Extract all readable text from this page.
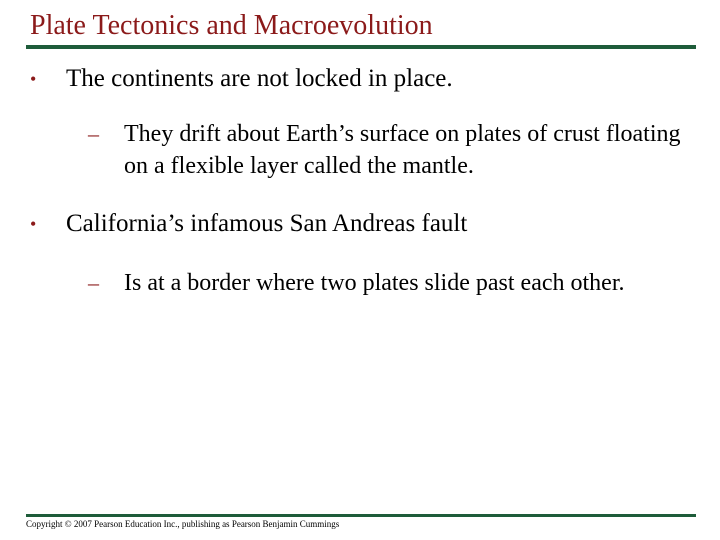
Plate Tectonics and Macroevolution
•	The continents are not locked in place.
–	They drift about Earth’s surface on plates of crust floating on a flexible layer called the mantle.
•	California’s infamous San Andreas fault
–	Is at a border where two plates slide past each other.
Copyright © 2007 Pearson Education Inc., publishing as Pearson Benjamin Cummings
